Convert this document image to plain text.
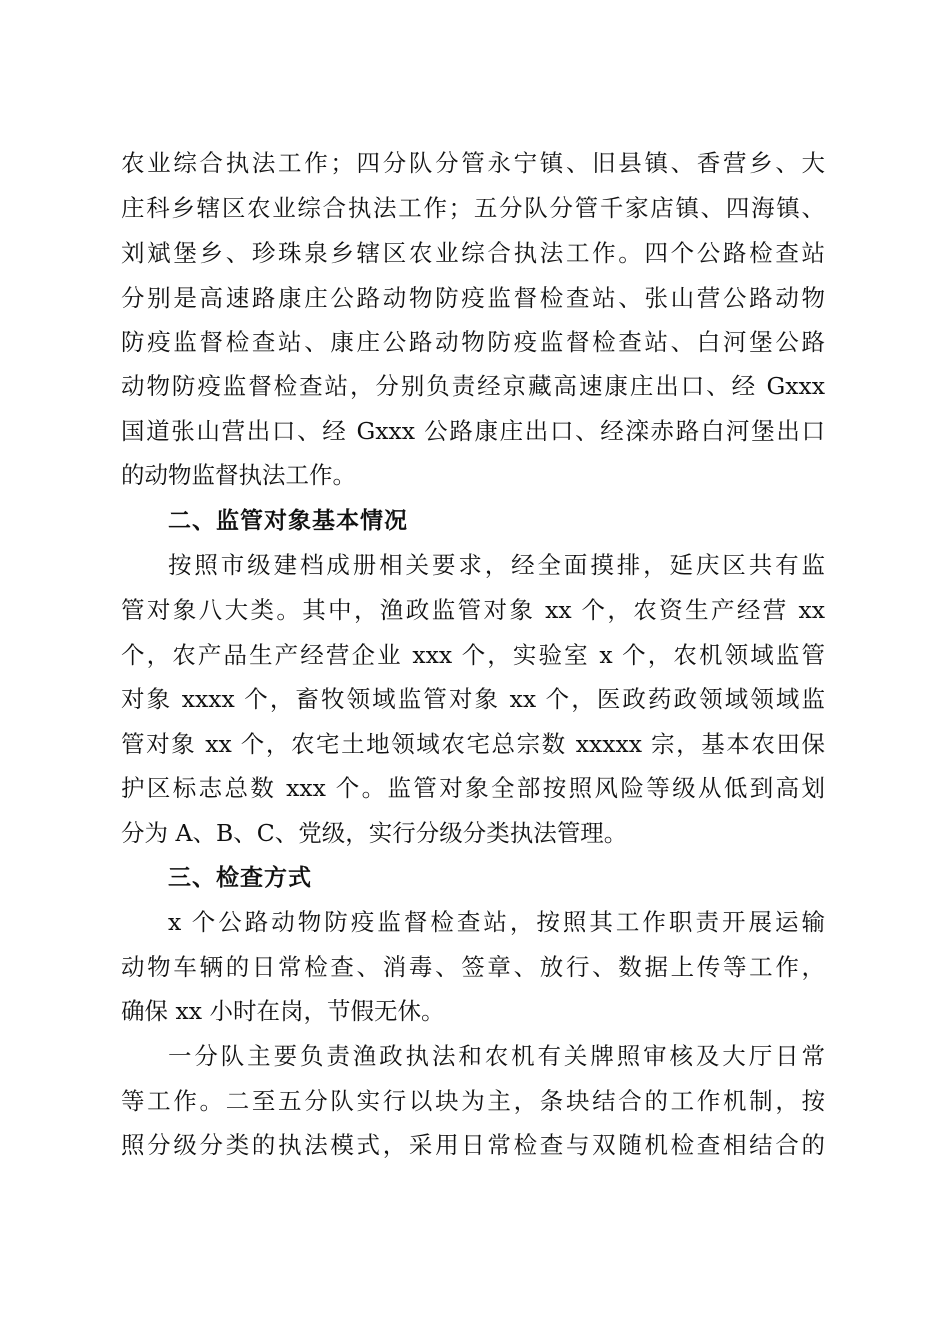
农业综合执法工作；四分队分管永宁镇、旧县镇、香营乡、大
庄科乡辖区农业综合执法工作；五分队分管千家店镇、四海镇、
刘斌堡乡、珍珠泉乡辖区农业综合执法工作。四个公路检查站
分别是高速路康庄公路动物防疫监督检查站、张山营公路动物
防疫监督检查站、康庄公路动物防疫监督检查站、白河堡公路
动物防疫监督检查站，分别负责经京藏高速康庄出口、经 Gxxx
国道张山营出口、经 Gxxx 公路康庄出口、经滦赤路白河堡出口
的动物监督执法工作。
二、监管对象基本情况
按照市级建档成册相关要求，经全面摸排，延庆区共有监
管对象八大类。其中，渔政监管对象 xx 个，农资生产经营 xx
个，农产品生产经营企业 xxx 个，实验室 x 个，农机领域监管
对象 xxxx 个，畜牧领域监管对象 xx 个，医政药政领域领域监
管对象 xx 个，农宅土地领域农宅总宗数 xxxxx 宗，基本农田保
护区标志总数 xxx 个。监管对象全部按照风险等级从低到高划
分为 A、B、C、党级，实行分级分类执法管理。
三、检查方式
x 个公路动物防疫监督检查站，按照其工作职责开展运输
动物车辆的日常检查、消毒、签章、放行、数据上传等工作，
确保 xx 小时在岗，节假无休。
一分队主要负责渔政执法和农机有关牌照审核及大厅日常
等工作。二至五分队实行以块为主，条块结合的工作机制，按
照分级分类的执法模式，采用日常检查与双随机检查相结合的
